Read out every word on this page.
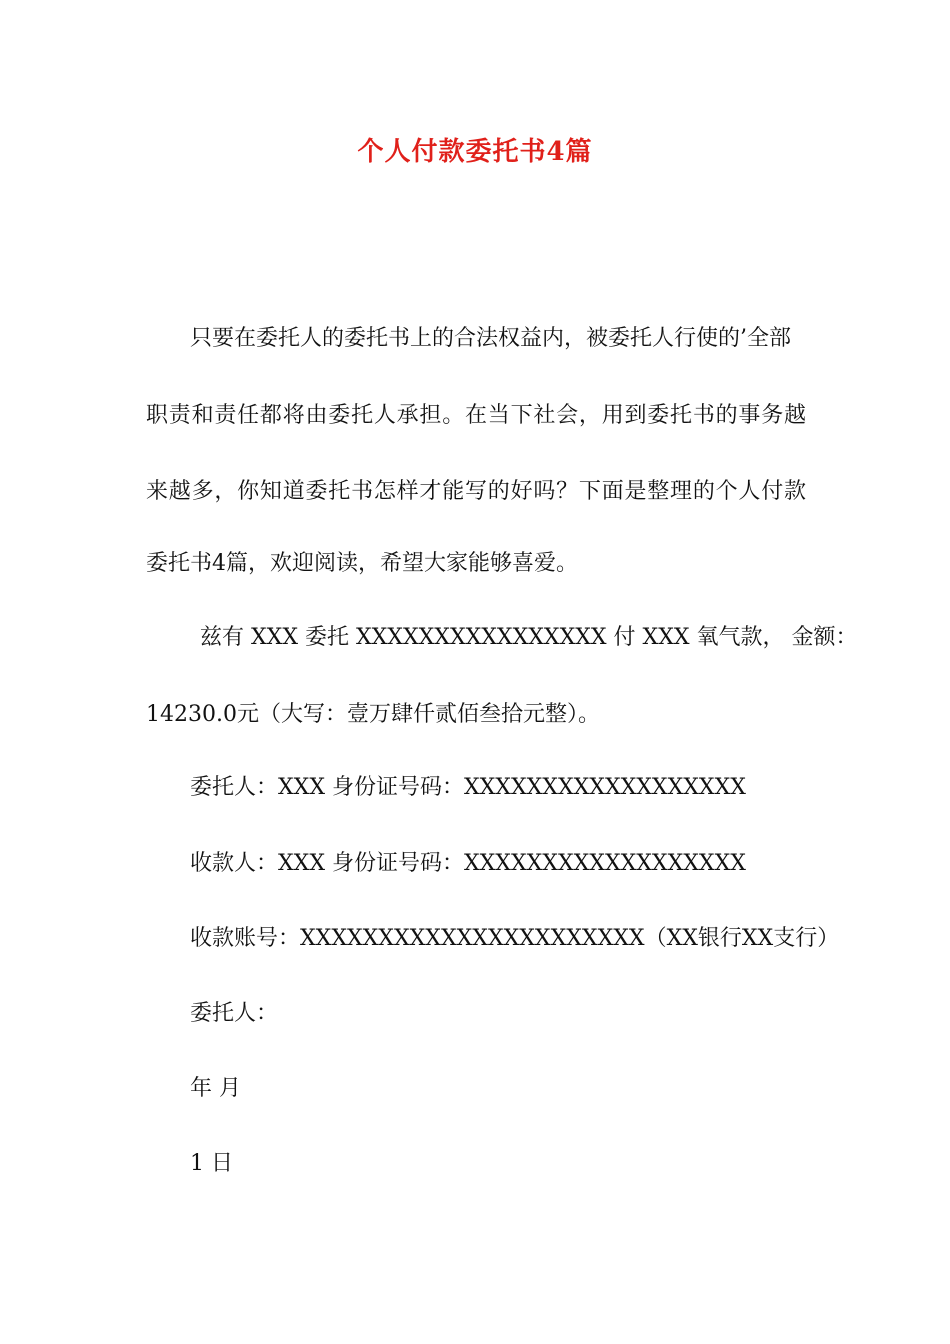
个人付款委托书4篇
只要在委托人的委托书上的合法权益内，被委托人行使的’全部
职责和责任都将由委托人承担。在当下社会，用到委托书的事务越
来越多，你知道委托书怎样才能写的好吗？下面是整理的个人付款
委托书4篇，欢迎阅读，希望大家能够喜爱。
兹有 XXX 委托 XXXXXXXXXXXXXXXX 付 XXX 氧气款， 金额：
14230.0元（大写：壹万肆仟贰佰叁拾元整）。
委托人：XXX 身份证号码：XXXXXXXXXXXXXXXXXX
收款人：XXX 身份证号码：XXXXXXXXXXXXXXXXXX
收款账号：XXXXXXXXXXXXXXXXXXXXXX（XX银行XX支行）
委托人：
年 月
1 日
